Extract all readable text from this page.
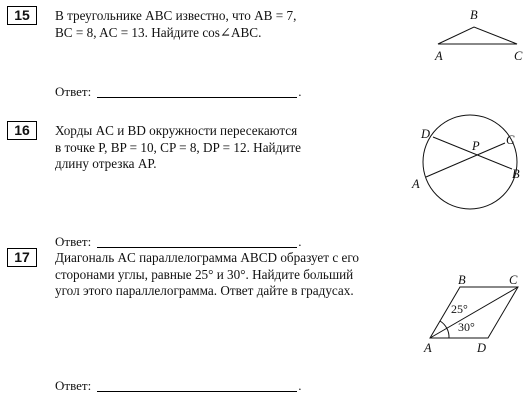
15	В треугольнике ABC известно, что AB = 7,
BC = 8, AC = 13. Найдите cos∠ABC.
B
A	C
Ответ:	.
16	Хорды AC и BD окружности пересекаются
в точке P, BP = 10, CP = 8, DP = 12. Найдите
длину отрезка AP.
D	C
P
B
A
Ответ:	.
17	Диагональ AC параллелограмма ABCD образует с его
сторонами углы, равные 25° и 30°. Найдите больший
угол этого параллелограмма. Ответ дайте в градусах.
B	C
A	D
25°
30°
Ответ:	.
